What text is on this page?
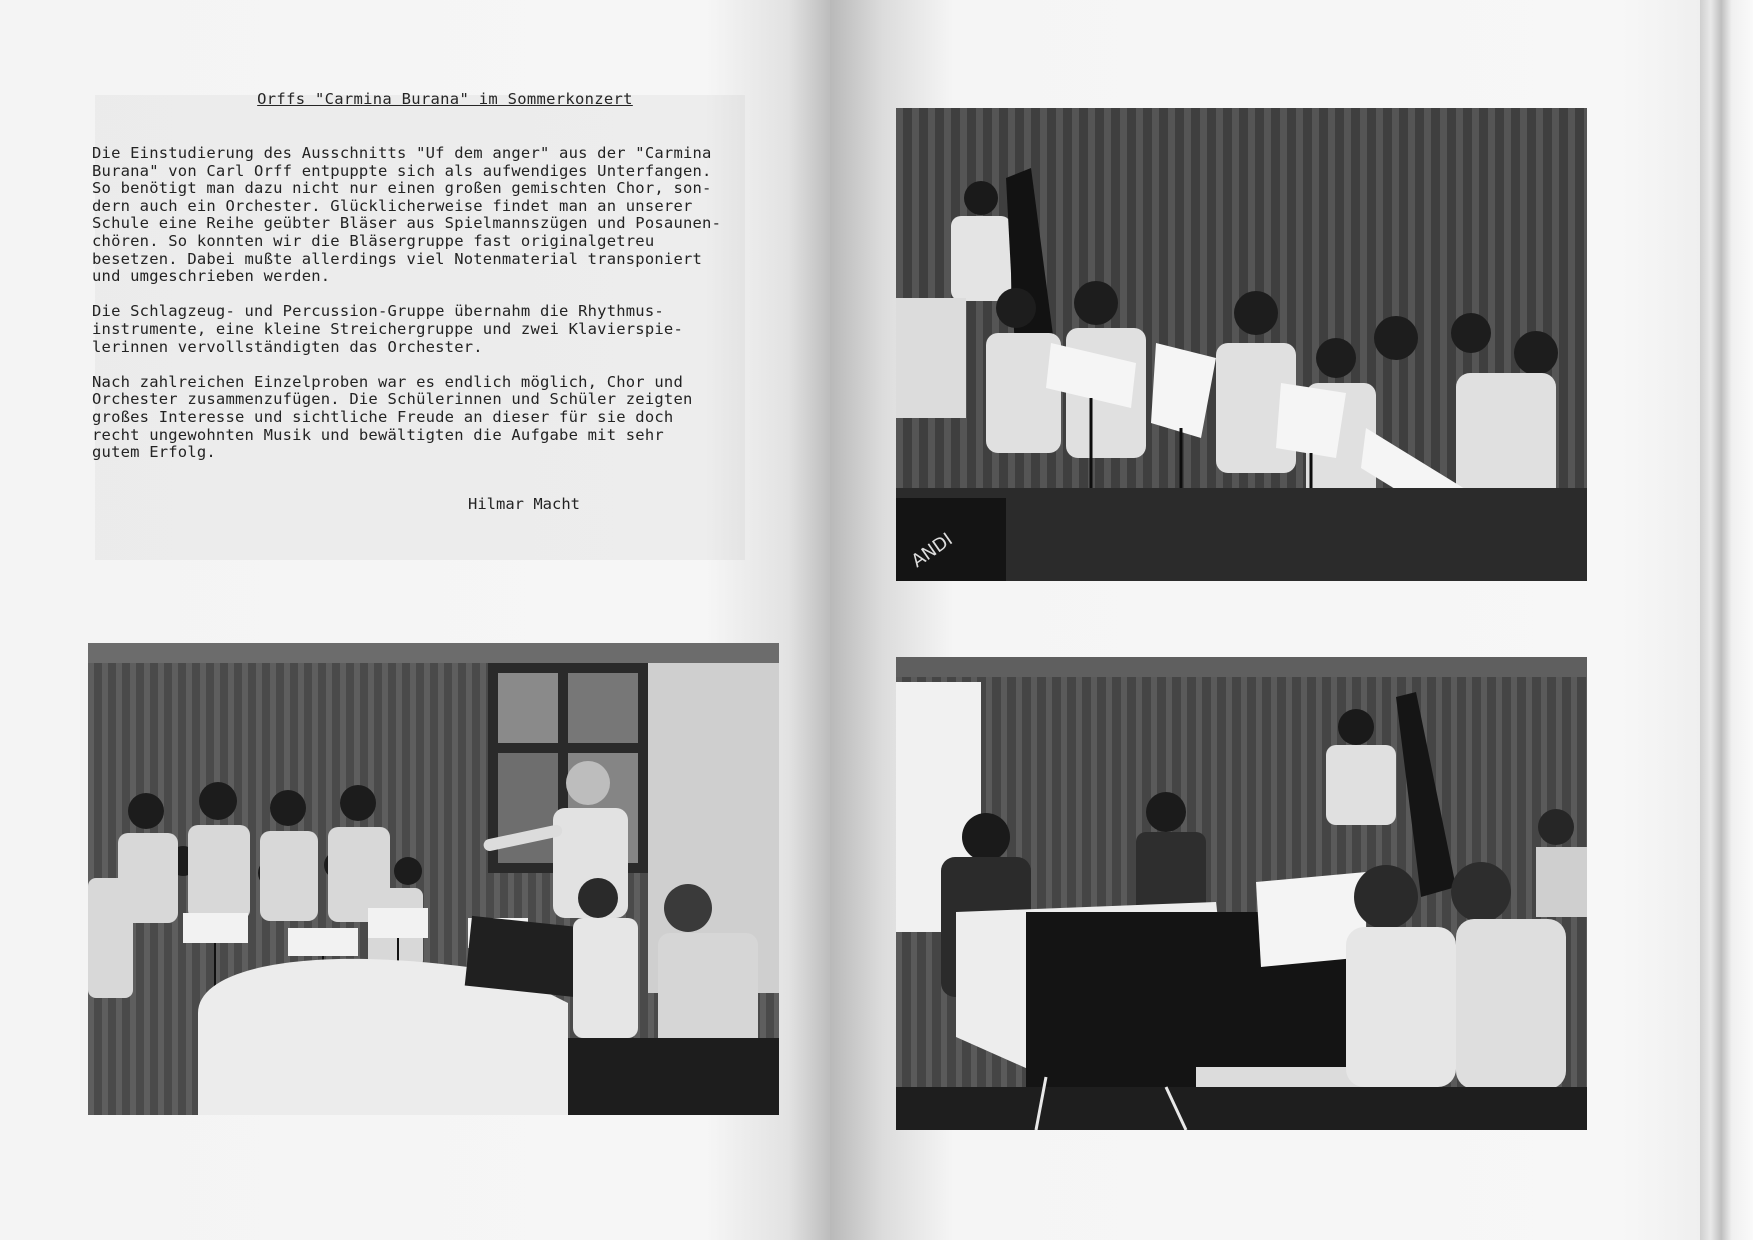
Orffs "Carmina Burana" im Sommerkonzert

Die Einstudierung des Ausschnitts "Uf dem anger" aus der "Carmina
Burana" von Carl Orff entpuppte sich als aufwendiges Unterfangen.
So benötigt man dazu nicht nur einen großen gemischten Chor, son-
dern auch ein Orchester. Glücklicherweise findet man an unserer
Schule eine Reihe geübter Bläser aus Spielmannszügen und Posaunen-
chören. So konnten wir die Bläsergruppe fast originalgetreu
besetzen. Dabei mußte allerdings viel Notenmaterial transponiert
und umgeschrieben werden.

Die Schlagzeug- und Percussion-Gruppe übernahm die Rhythmus-
instrumente, eine kleine Streichergruppe und zwei Klavierspie-
lerinnen vervollständigten das Orchester.

Nach zahlreichen Einzelproben war es endlich möglich, Chor und
Orchester zusammenzufügen. Die Schülerinnen und Schüler zeigten
großes Interesse und sichtliche Freude an dieser für sie doch
recht ungewohnten Musik und bewältigten die Aufgabe mit sehr
gutem Erfolg.

Hilmar Macht
ANDI
